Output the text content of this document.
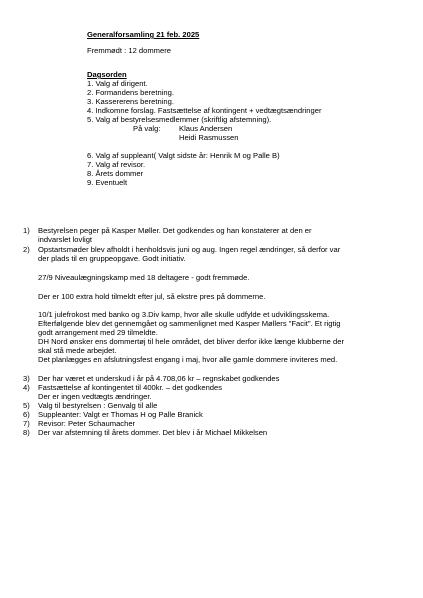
Generalforsamling 21 feb. 2025
Fremmødt : 12 dommere
Dagsorden
1. Valg af dirigent.
2. Formandens beretning.
3. Kassererens beretning.
4. Indkomne forslag. Fastsættelse af kontingent + vedtægtsændringer
5. Valg af bestyrelsesmedlemmer (skriftlig afstemning).
På valg: Klaus Andersen
Heidi Rasmussen
6. Valg af suppleant( Valgt sidste år: Henrik M og Palle B)
7. Valg af revisor.
8. Årets dommer
9. Eventuelt
1) Bestyrelsen peger på Kasper Møller. Det godkendes og han konstaterer at den er
indvarslet lovligt
2) Opstartsmøder blev afholdt i henholdsvis juni og aug. Ingen regel ændringer, så derfor var
der plads til en gruppeopgave. Godt initiativ.
27/9 Niveaulægningskamp med 18 deltagere - godt fremmøde.
Der er 100 extra hold tilmeldt efter jul, så ekstre pres på dommerne.
10/1 julefrokost med banko og 3.Div kamp, hvor alle skulle udfylde et udviklingsskema.
Efterfølgende blev det gennemgået og sammenlignet med Kasper Møllers "Facit". Et rigtig
godt arrangement med 29 tilmeldte.
DH Nord ønsker ens dommertøj til hele området, det bliver derfor ikke længe klubberne der
skal stå mede arbejdet.
Det planlægges en afslutningsfest engang i maj, hvor alle gamle dommere inviteres med.
3) Der har været et underskud i år på 4.708,06 kr – regnskabet godkendes
4) Fastsættelse af kontingentet til 400kr. – det godkendes
Der er ingen vedtægts ændringer.
5) Valg til bestyrelsen : Genvalg til alle
6) Suppleanter: Valgt er Thomas H og Palle Branick
7) Revisor: Peter Schaumacher
8) Der var afstemning til årets dommer. Det blev i år Michael Mikkelsen
